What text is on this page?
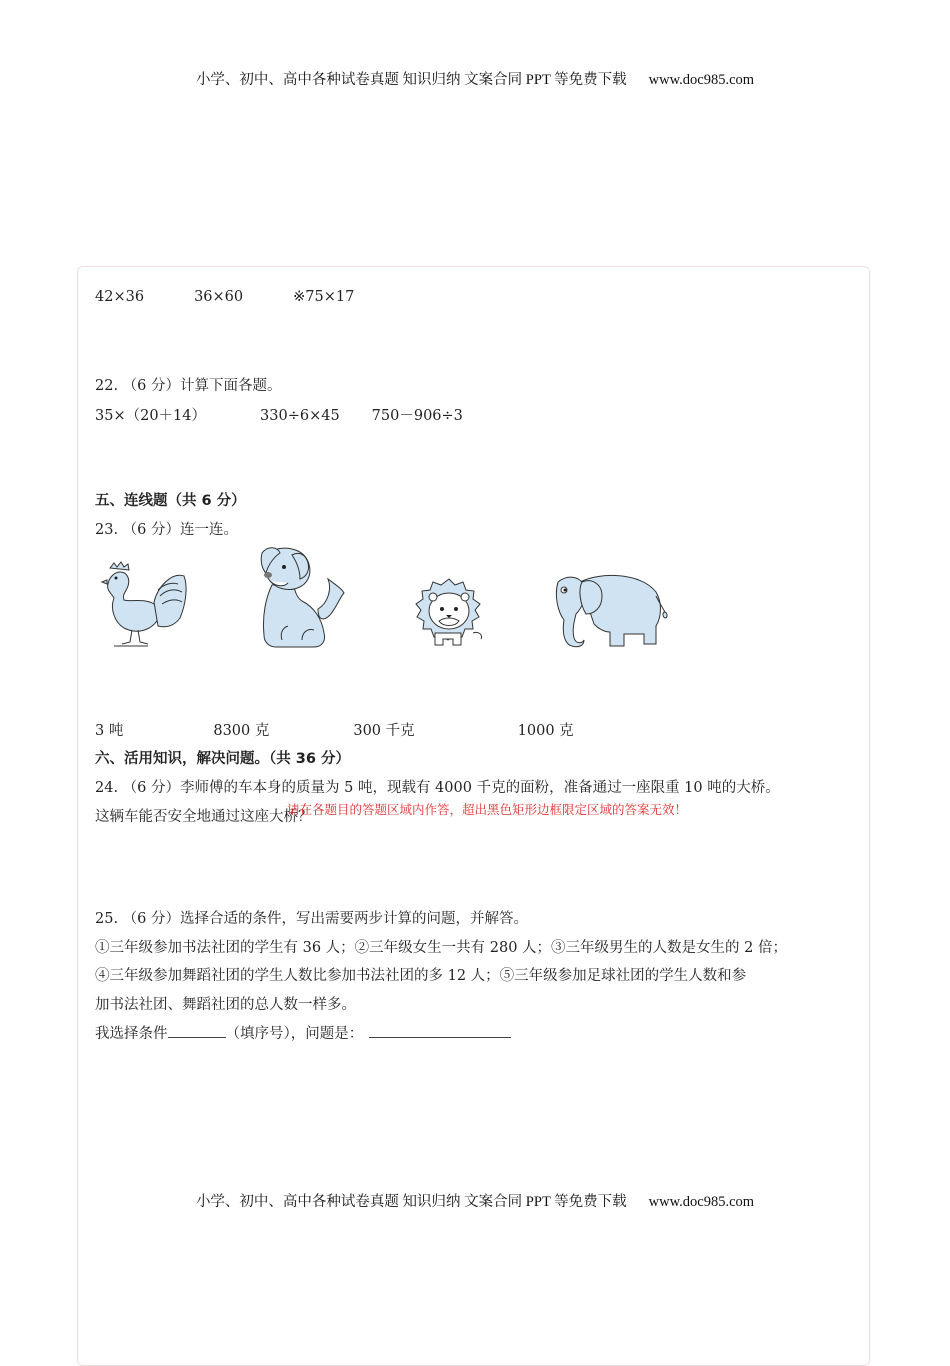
小学、初中、高中各种试卷真题 知识归纳 文案合同 PPT 等免费下载 www.doc985.com
42×36	36×60	※75×17
22. （6 分）计算下面各题。
35×（20＋14）	330÷6×45 750－906÷3
五、连线题（共 6 分）
23. （6 分）连一连。
3 吨	8300 克	300 千克	1000 克
六、活用知识，解决问题。（共 36 分）
24. （6 分）李师傅的车本身的质量为 5 吨，现载有 4000 千克的面粉，准备通过一座限重 10 吨的大桥。
这辆车能否安全地通过这座大桥？
请在各题目的答题区域内作答，超出黑色矩形边框限定区域的答案无效！
25. （6 分）选择合适的条件，写出需要两步计算的问题，并解答。
①三年级参加书法社团的学生有 36 人；②三年级女生一共有 280 人；③三年级男生的人数是女生的 2 倍；
④三年级参加舞蹈社团的学生人数比参加书法社团的多 12 人；⑤三年级参加足球社团的学生人数和参
加书法社团、舞蹈社团的总人数一样多。
我选择条件	（填序号），问题是：
小学、初中、高中各种试卷真题 知识归纳 文案合同 PPT 等免费下载 www.doc985.com
